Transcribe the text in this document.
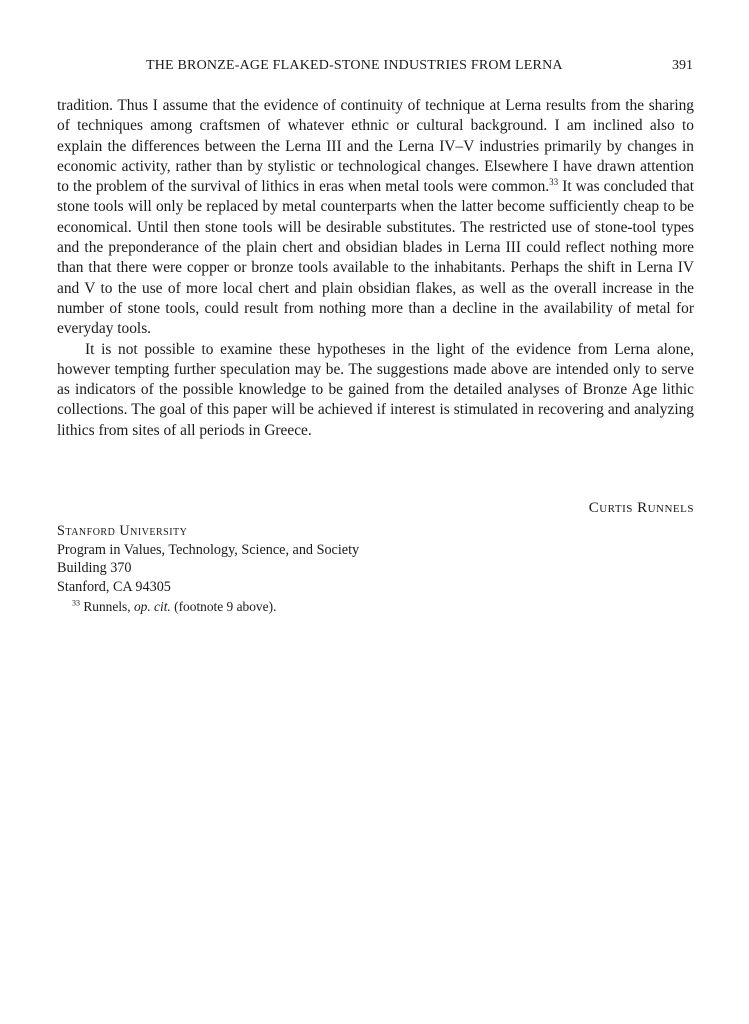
THE BRONZE-AGE FLAKED-STONE INDUSTRIES FROM LERNA	391

tradition. Thus I assume that the evidence of continuity of technique at Lerna results from the sharing of techniques among craftsmen of whatever ethnic or cultural background. I am inclined also to explain the differences between the Lerna III and the Lerna IV–V industries primarily by changes in economic activity, rather than by stylistic or technological changes. Elsewhere I have drawn attention to the problem of the survival of lithics in eras when metal tools were common.$^{33}$ It was concluded that stone tools will only be replaced by metal counterparts when the latter become sufficiently cheap to be economical. Until then stone tools will be desirable substitutes. The restricted use of stone-tool types and the preponderance of the plain chert and obsidian blades in Lerna III could reflect nothing more than that there were copper or bronze tools available to the inhabitants. Perhaps the shift in Lerna IV and V to the use of more local chert and plain obsidian flakes, as well as the overall increase in the number of stone tools, could result from nothing more than a decline in the availability of metal for everyday tools.

It is not possible to examine these hypotheses in the light of the evidence from Lerna alone, however tempting further speculation may be. The suggestions made above are intended only to serve as indicators of the possible knowledge to be gained from the detailed analyses of Bronze Age lithic collections. The goal of this paper will be achieved if interest is stimulated in recovering and analyzing lithics from sites of all periods in Greece.

Curtis Runnels
Stanford University
Program in Values, Technology, Science, and Society
Building 370
Stanford, CA 94305
$^{33}$ Runnels, op. cit. (footnote 9 above).
